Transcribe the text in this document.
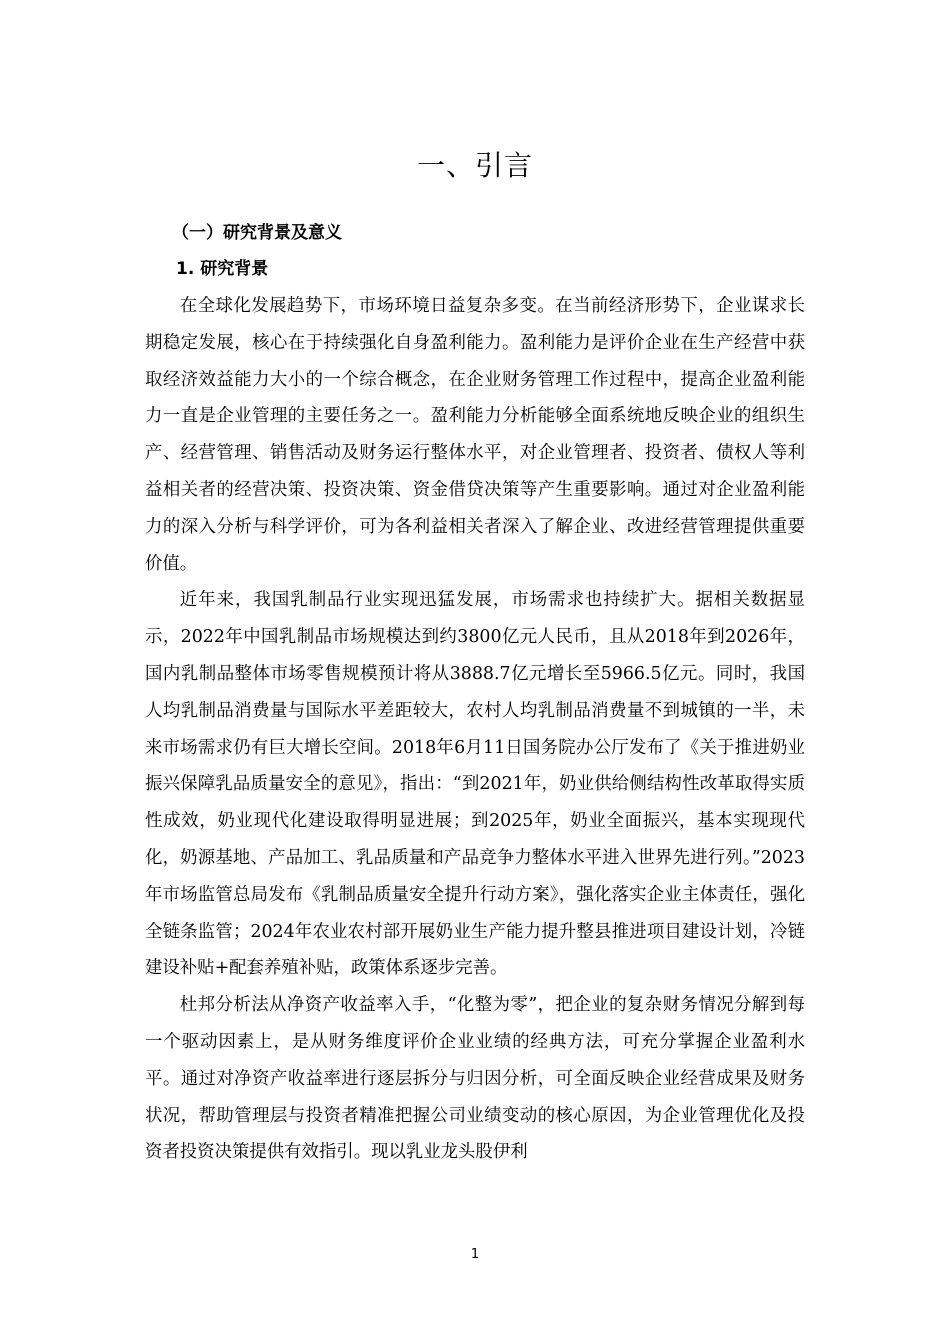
一、引言
（一）研究背景及意义
1. 研究背景

在全球化发展趋势下，市场环境日益复杂多变。在当前经济形势下，企业谋求长期稳定发展，核心在于持续强化自身盈利能力。盈利能力是评价企业在生产经营中获取经济效益能力大小的一个综合概念，在企业财务管理工作过程中，提高企业盈利能力一直是企业管理的主要任务之一。盈利能力分析能够全面系统地反映企业的组织生产、经营管理、销售活动及财务运行整体水平，对企业管理者、投资者、债权人等利益相关者的经营决策、投资决策、资金借贷决策等产生重要影响。通过对企业盈利能力的深入分析与科学评价，可为各利益相关者深入了解企业、改进经营管理提供重要价值。

近年来，我国乳制品行业实现迅猛发展，市场需求也持续扩大。据相关数据显示，2022年中国乳制品市场规模达到约3800亿元人民币，且从2018年到2026年，国内乳制品整体市场零售规模预计将从3888.7亿元增长至5966.5亿元。同时，我国人均乳制品消费量与国际水平差距较大，农村人均乳制品消费量不到城镇的一半，未来市场需求仍有巨大增长空间。2018年6月11日国务院办公厅发布了《关于推进奶业振兴保障乳品质量安全的意见》，指出：“到2021年，奶业供给侧结构性改革取得实质性成效，奶业现代化建设取得明显进展；到2025年，奶业全面振兴，基本实现现代化，奶源基地、产品加工、乳品质量和产品竞争力整体水平进入世界先进行列。”2023年市场监管总局发布《乳制品质量安全提升行动方案》，强化落实企业主体责任，强化全链条监管；2024年农业农村部开展奶业生产能力提升整县推进项目建设计划，冷链建设补贴+配套养殖补贴，政策体系逐步完善。

杜邦分析法从净资产收益率入手，“化整为零”，把企业的复杂财务情况分解到每一个驱动因素上，是从财务维度评价企业业绩的经典方法，可充分掌握企业盈利水平。通过对净资产收益率进行逐层拆分与归因分析，可全面反映企业经营成果及财务状况，帮助管理层与投资者精准把握公司业绩变动的核心原因，为企业管理优化及投资者投资决策提供有效指引。现以乳业龙头股伊利

1
